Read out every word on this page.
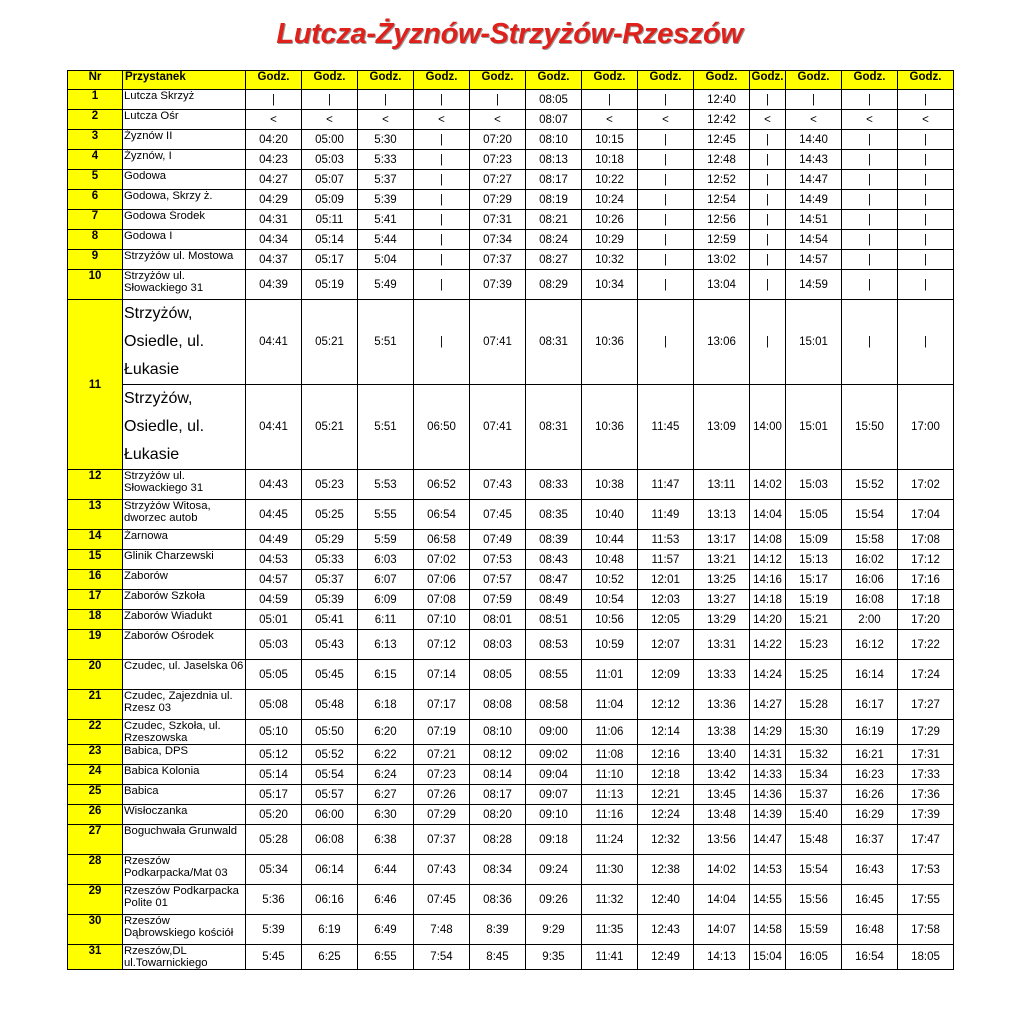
Lutcza-Żyznów-Strzyżów-Rzeszów
Nr	Przystanek	Godz.	Godz.	Godz.	Godz.	Godz.	Godz.	Godz.	Godz.	Godz.	Godz.	Godz.	Godz.	Godz.
1	Lutcza Skrzyż	|	|	|	|	|	08:05	|	|	12:40	|	|	|	|
2	Lutcza Ośr	<	<	<	<	<	08:07	<	<	12:42	<	<	<	<
3	Żyznów II	04:20	05:00	5:30	|	07:20	08:10	10:15	|	12:45	|	14:40	|	|
4	Żyznów, I	04:23	05:03	5:33	|	07:23	08:13	10:18	|	12:48	|	14:43	|	|
5	Godowa	04:27	05:07	5:37	|	07:27	08:17	10:22	|	12:52	|	14:47	|	|
6	Godowa, Skrzy ż.	04:29	05:09	5:39	|	07:29	08:19	10:24	|	12:54	|	14:49	|	|
7	Godowa Środek	04:31	05:11	5:41	|	07:31	08:21	10:26	|	12:56	|	14:51	|	|
8	Godowa I	04:34	05:14	5:44	|	07:34	08:24	10:29	|	12:59	|	14:54	|	|
9	Strzyżów ul. Mostowa	04:37	05:17	5:04	|	07:37	08:27	10:32	|	13:02	|	14:57	|	|
10	Strzyżów ul. Słowackiego 31	04:39	05:19	5:49	|	07:39	08:29	10:34	|	13:04	|	14:59	|	|
11	Strzyżów, Osiedle, ul. Łukasie	04:41	05:21	5:51	|	07:41	08:31	10:36	|	13:06	|	15:01	|	|
	Strzyżów, Osiedle, ul. Łukasie	04:41	05:21	5:51	06:50	07:41	08:31	10:36	11:45	13:09	14:00	15:01	15:50	17:00
12	Strzyżów ul. Słowackiego 31	04:43	05:23	5:53	06:52	07:43	08:33	10:38	11:47	13:11	14:02	15:03	15:52	17:02
13	Strzyżów Witosa, dworzec autob	04:45	05:25	5:55	06:54	07:45	08:35	10:40	11:49	13:13	14:04	15:05	15:54	17:04
14	Żarnowa	04:49	05:29	5:59	06:58	07:49	08:39	10:44	11:53	13:17	14:08	15:09	15:58	17:08
15	Glinik Charzewski	04:53	05:33	6:03	07:02	07:53	08:43	10:48	11:57	13:21	14:12	15:13	16:02	17:12
16	Zaborów	04:57	05:37	6:07	07:06	07:57	08:47	10:52	12:01	13:25	14:16	15:17	16:06	17:16
17	Zaborów Szkoła	04:59	05:39	6:09	07:08	07:59	08:49	10:54	12:03	13:27	14:18	15:19	16:08	17:18
18	Zaborów Wiadukt	05:01	05:41	6:11	07:10	08:01	08:51	10:56	12:05	13:29	14:20	15:21	2:00	17:20
19	Zaborów Ośrodek	05:03	05:43	6:13	07:12	08:03	08:53	10:59	12:07	13:31	14:22	15:23	16:12	17:22
20	Czudec, ul. Jaselska 06	05:05	05:45	6:15	07:14	08:05	08:55	11:01	12:09	13:33	14:24	15:25	16:14	17:24
21	Czudec, Zajezdnia ul. Rzesz 03	05:08	05:48	6:18	07:17	08:08	08:58	11:04	12:12	13:36	14:27	15:28	16:17	17:27
22	Czudec, Szkoła, ul. Rzeszowska	05:10	05:50	6:20	07:19	08:10	09:00	11:06	12:14	13:38	14:29	15:30	16:19	17:29
23	Babica, DPS	05:12	05:52	6:22	07:21	08:12	09:02	11:08	12:16	13:40	14:31	15:32	16:21	17:31
24	Babica Kolonia	05:14	05:54	6:24	07:23	08:14	09:04	11:10	12:18	13:42	14:33	15:34	16:23	17:33
25	Babica	05:17	05:57	6:27	07:26	08:17	09:07	11:13	12:21	13:45	14:36	15:37	16:26	17:36
26	Wisłoczanka	05:20	06:00	6:30	07:29	08:20	09:10	11:16	12:24	13:48	14:39	15:40	16:29	17:39
27	Boguchwała Grunwald	05:28	06:08	6:38	07:37	08:28	09:18	11:24	12:32	13:56	14:47	15:48	16:37	17:47
28	Rzeszów Podkarpacka/Mat 03	05:34	06:14	6:44	07:43	08:34	09:24	11:30	12:38	14:02	14:53	15:54	16:43	17:53
29	Rzeszów Podkarpacka Polite 01	5:36	06:16	6:46	07:45	08:36	09:26	11:32	12:40	14:04	14:55	15:56	16:45	17:55
30	Rzeszów Dąbrowskiego kościół	5:39	6:19	6:49	7:48	8:39	9:29	11:35	12:43	14:07	14:58	15:59	16:48	17:58
31	Rzeszów,DL ul.Towarnickiego	5:45	6:25	6:55	7:54	8:45	9:35	11:41	12:49	14:13	15:04	16:05	16:54	18:05
